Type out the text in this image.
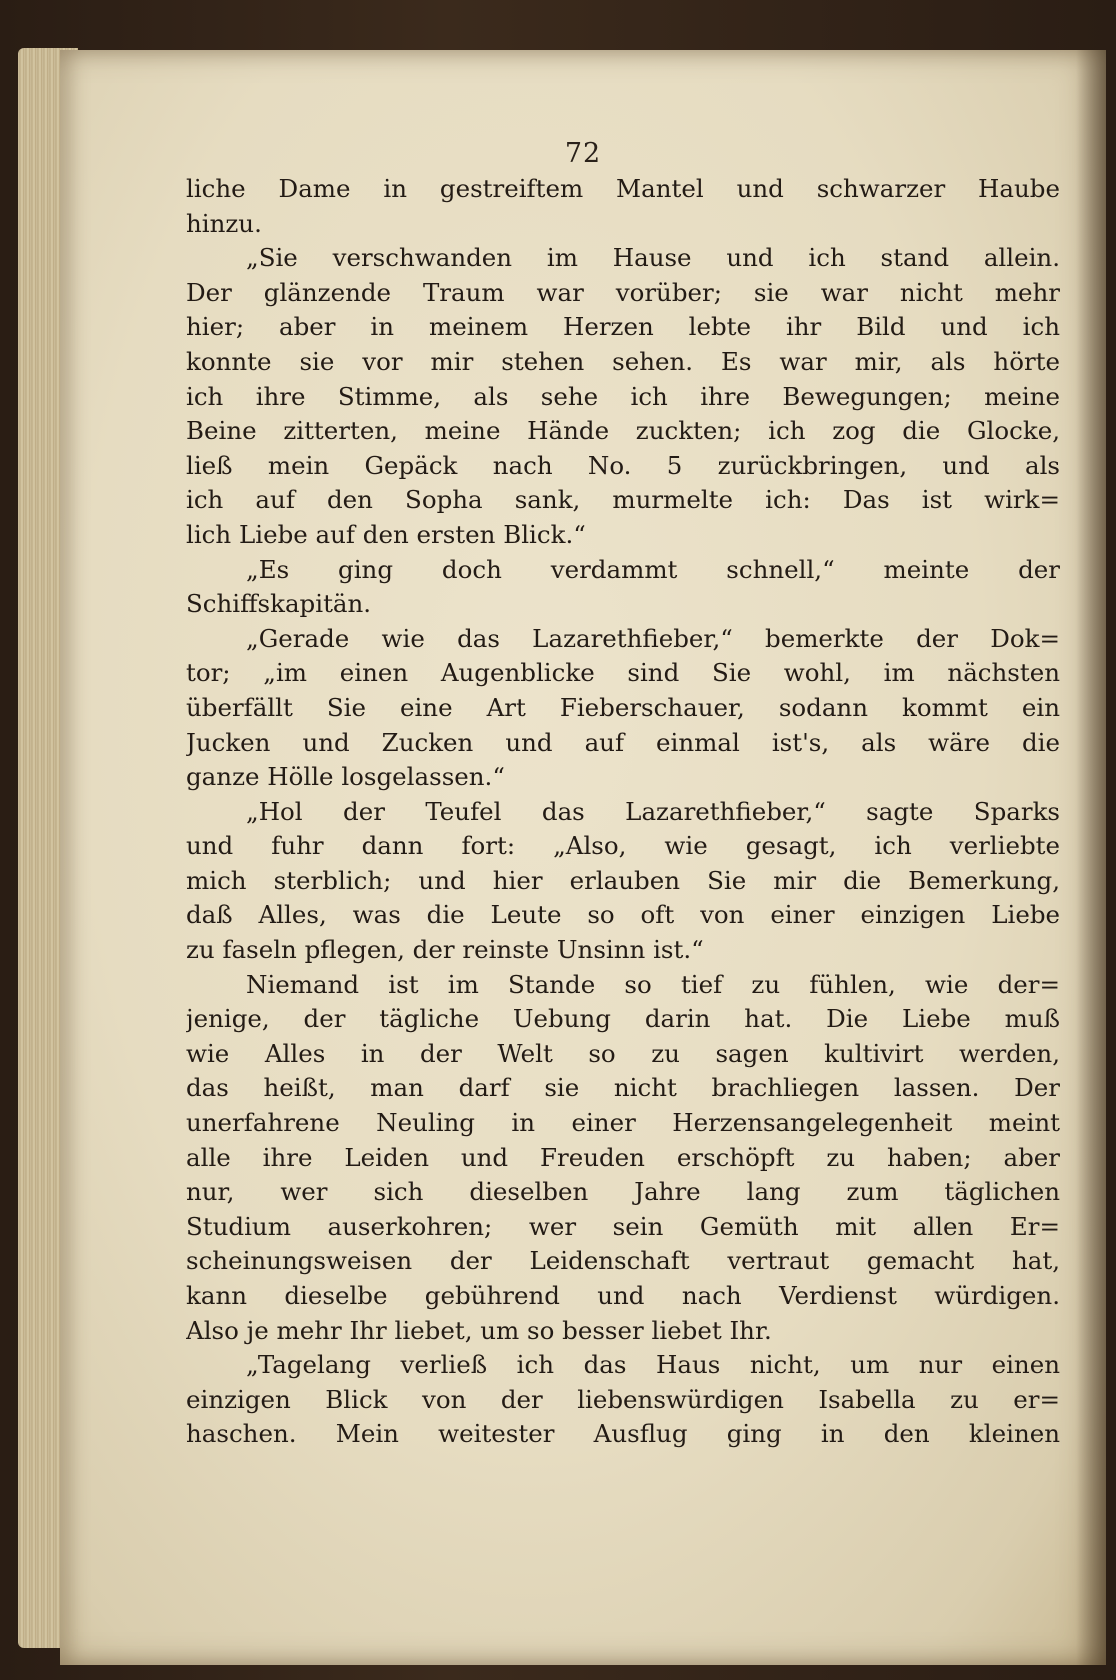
72
liche Dame in gestreiftem Mantel und schwarzer Haube
hinzu.
„Sie verschwanden im Hause und ich stand allein.
Der glänzende Traum war vorüber; sie war nicht mehr
hier; aber in meinem Herzen lebte ihr Bild und ich
konnte sie vor mir stehen sehen. Es war mir, als hörte
ich ihre Stimme, als sehe ich ihre Bewegungen; meine
Beine zitterten, meine Hände zuckten; ich zog die Glocke,
ließ mein Gepäck nach No. 5 zurückbringen, und als
ich auf den Sopha sank, murmelte ich: Das ist wirk=
lich Liebe auf den ersten Blick.“
„Es ging doch verdammt schnell,“ meinte der
Schiffskapitän.
„Gerade wie das Lazarethfieber,“ bemerkte der Dok=
tor; „im einen Augenblicke sind Sie wohl, im nächsten
überfällt Sie eine Art Fieberschauer, sodann kommt ein
Jucken und Zucken und auf einmal ist's, als wäre die
ganze Hölle losgelassen.“
„Hol der Teufel das Lazarethfieber,“ sagte Sparks
und fuhr dann fort: „Also, wie gesagt, ich verliebte
mich sterblich; und hier erlauben Sie mir die Bemerkung,
daß Alles, was die Leute so oft von einer einzigen Liebe
zu faseln pflegen, der reinste Unsinn ist.“
Niemand ist im Stande so tief zu fühlen, wie der=
jenige, der tägliche Uebung darin hat. Die Liebe muß
wie Alles in der Welt so zu sagen kultivirt werden,
das heißt, man darf sie nicht brachliegen lassen. Der
unerfahrene Neuling in einer Herzensangelegenheit meint
alle ihre Leiden und Freuden erschöpft zu haben; aber
nur, wer sich dieselben Jahre lang zum täglichen
Studium auserkohren; wer sein Gemüth mit allen Er=
scheinungsweisen der Leidenschaft vertraut gemacht hat,
kann dieselbe gebührend und nach Verdienst würdigen.
Also je mehr Ihr liebet, um so besser liebet Ihr.
„Tagelang verließ ich das Haus nicht, um nur einen
einzigen Blick von der liebenswürdigen Isabella zu er=
haschen. Mein weitester Ausflug ging in den kleinen
